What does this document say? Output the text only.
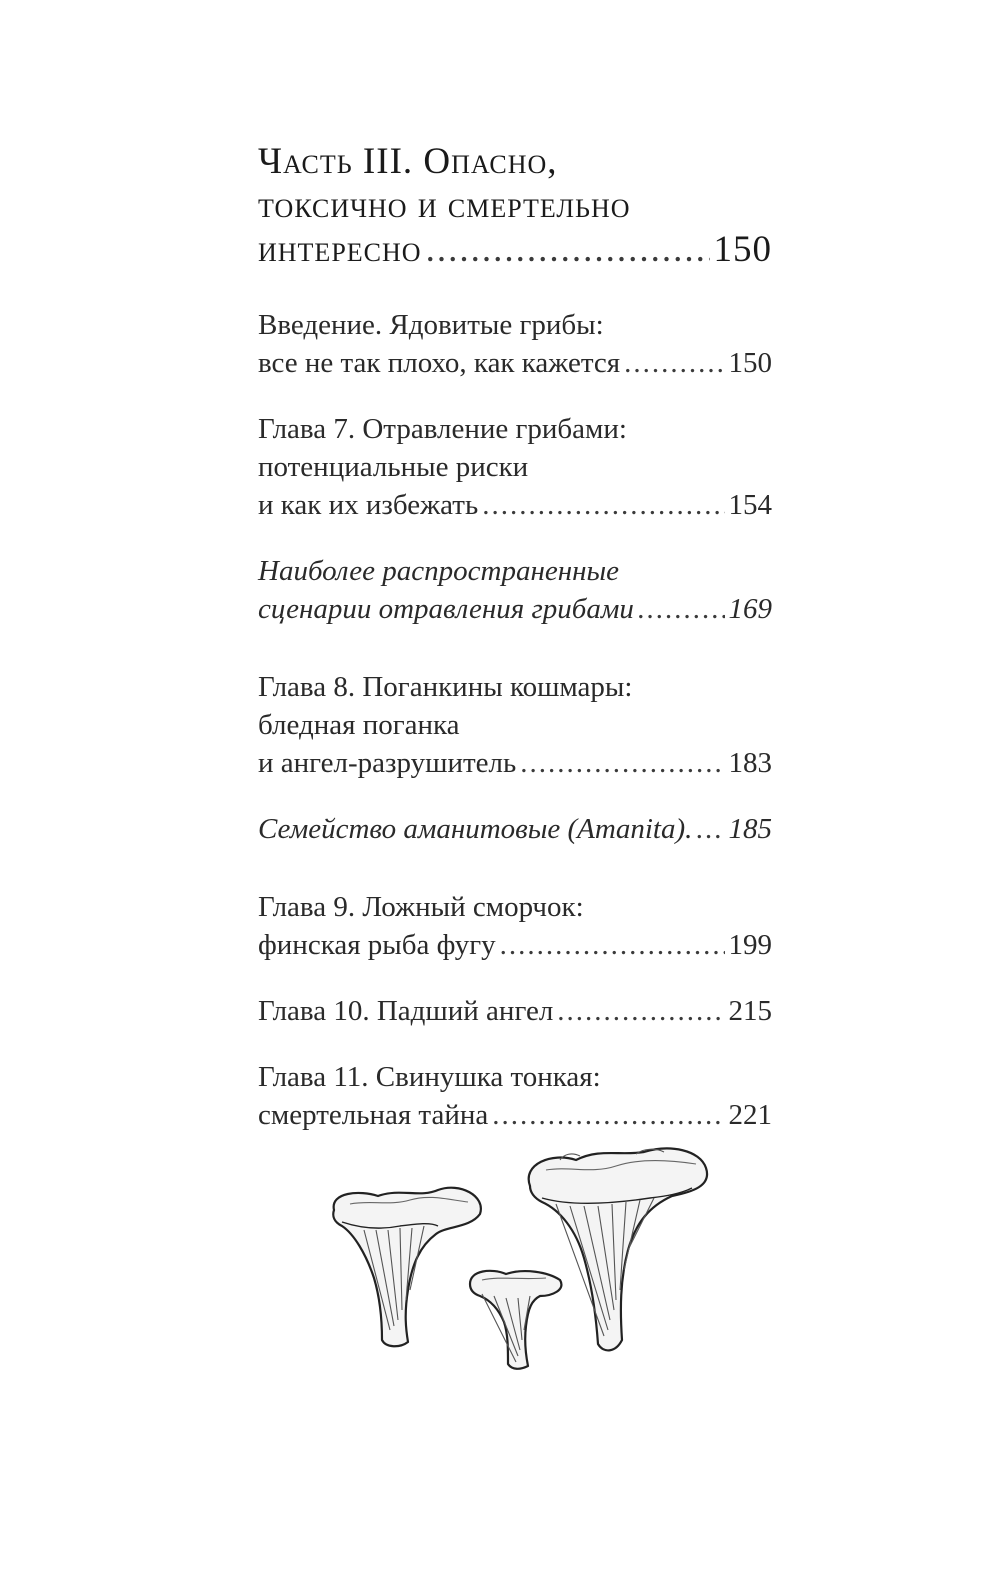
Часть III. Опасно,
токсично и смертельно
интересно .....	150
Введение. Ядовитые грибы:
все не так плохо, как кажется .....	150
Глава 7. Отравление грибами:
потенциальные риски
и как их избежать .....	154
Наиболее распространенные
сценарии отравления грибами .....	169
Глава 8. Поганкины кошмары:
бледная поганка
и ангел-разрушитель .....	183
Семейство аманитовые (Amanita). ..... 185
Глава 9. Ложный сморчок:
финская рыба фугу .....	199
Глава 10. Падший ангел .....	215
Глава 11. Свинушка тонкая:
смертельная тайна .....	221
